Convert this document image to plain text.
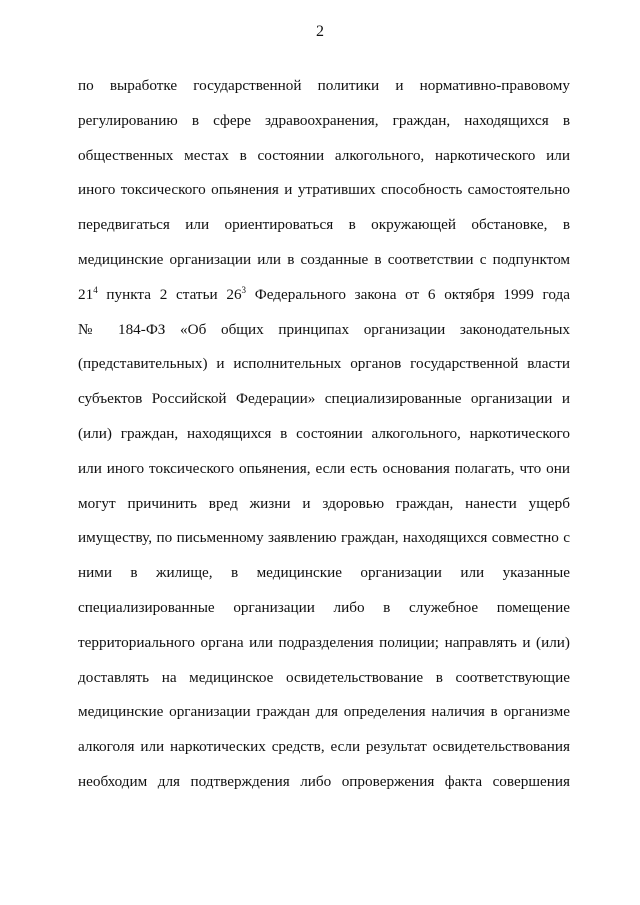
2
по выработке государственной политики и нормативно-правовому
регулированию в сфере здравоохранения, граждан, находящихся в
общественных местах в состоянии алкогольного, наркотического или
иного токсического опьянения и утративших способность самостоятельно
передвигаться или ориентироваться в окружающей обстановке, в
медицинские организации или в созданные в соответствии с подпунктом
$21^4$ пункта 2 статьи $26^3$ Федерального закона от 6 октября 1999 года
№ 184-ФЗ «Об общих принципах организации законодательных
(представительных) и исполнительных органов государственной власти
субъектов Российской Федерации» специализированные организации и
(или) граждан, находящихся в состоянии алкогольного, наркотического
или иного токсического опьянения, если есть основания полагать, что они
могут причинить вред жизни и здоровью граждан, нанести ущерб
имуществу, по письменному заявлению граждан, находящихся совместно с
ними в жилище, в медицинские организации или указанные
специализированные организации либо в служебное помещение
территориального органа или подразделения полиции; направлять и (или)
доставлять на медицинское освидетельствование в соответствующие
медицинские организации граждан для определения наличия в организме
алкоголя или наркотических средств, если результат освидетельствования
необходим для подтверждения либо опровержения факта совершения
